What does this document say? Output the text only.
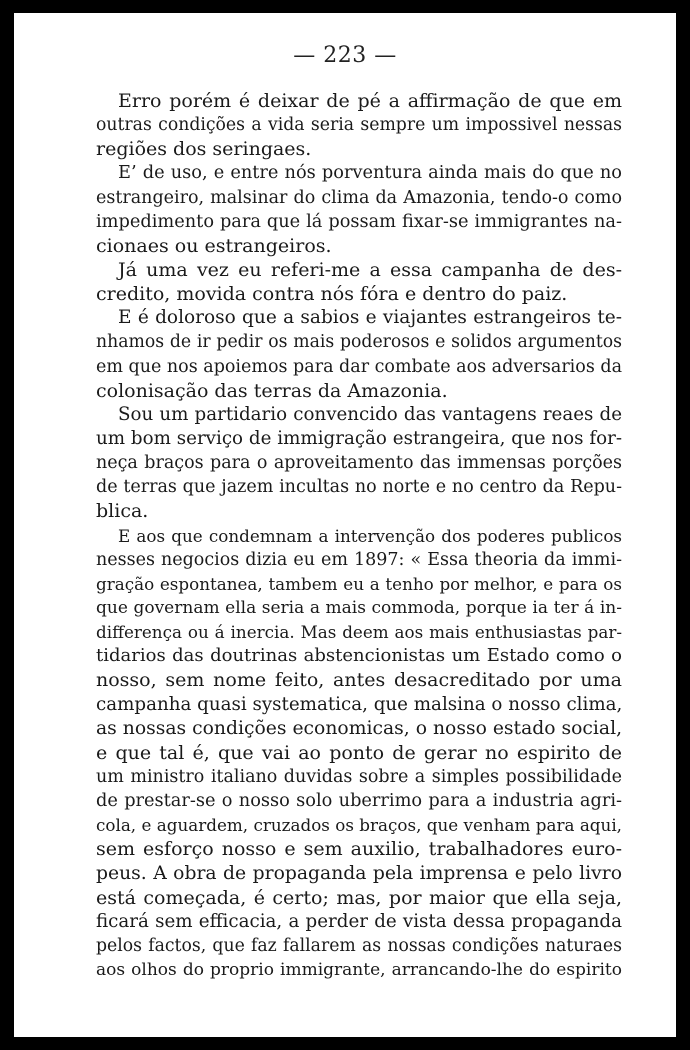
— 223 —
Erro porém é deixar de pé a affirmação de que em
outras condições a vida seria sempre um impossivel nessas
regiões dos seringaes.
E’ de uso, e entre nós porventura ainda mais do que no
estrangeiro, malsinar do clima da Amazonia, tendo-o como
impedimento para que lá possam fixar-se immigrantes na-
cionaes ou estrangeiros.
Já uma vez eu referi-me a essa campanha de des-
credito, movida contra nós fóra e dentro do paiz.
E é doloroso que a sabios e viajantes estrangeiros te-
nhamos de ir pedir os mais poderosos e solidos argumentos
em que nos apoiemos para dar combate aos adversarios da
colonisação das terras da Amazonia.
Sou um partidario convencido das vantagens reaes de
um bom serviço de immigração estrangeira, que nos for-
neça braços para o aproveitamento das immensas porções
de terras que jazem incultas no norte e no centro da Repu-
blica.
E aos que condemnam a intervenção dos poderes publicos
nesses negocios dizia eu em 1897: « Essa theoria da immi-
gração espontanea, tambem eu a tenho por melhor, e para os
que governam ella seria a mais commoda, porque ia ter á in-
differença ou á inercia. Mas deem aos mais enthusiastas par-
tidarios das doutrinas abstencionistas um Estado como o
nosso, sem nome feito, antes desacreditado por uma
campanha quasi systematica, que malsina o nosso clima,
as nossas condições economicas, o nosso estado social,
e que tal é, que vai ao ponto de gerar no espirito de
um ministro italiano duvidas sobre a simples possibilidade
de prestar-se o nosso solo uberrimo para a industria agri-
cola, e aguardem, cruzados os braços, que venham para aqui,
sem esforço nosso e sem auxilio, trabalhadores euro-
peus. A obra de propaganda pela imprensa e pelo livro
está começada, é certo; mas, por maior que ella seja,
ficará sem efficacia, a perder de vista dessa propaganda
pelos factos, que faz fallarem as nossas condições naturaes
aos olhos do proprio immigrante, arrancando-lhe do espirito
